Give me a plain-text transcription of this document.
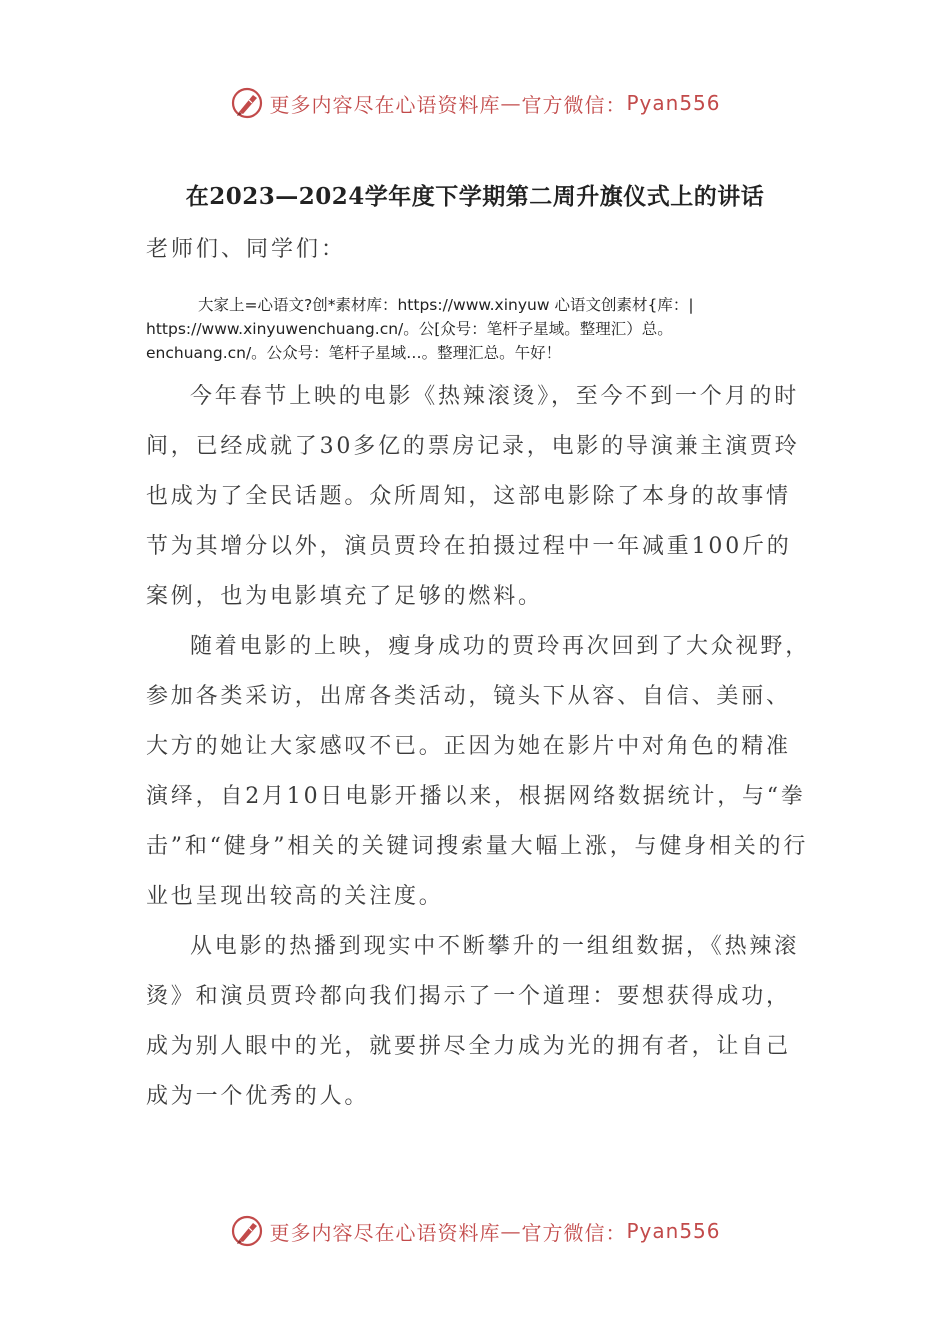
更多内容尽在心语资料库 — 官方微信 ： Pyan556
在2023—2024学年度下学期第二周升旗仪式上的讲话
老师们、同学们：

大家上=心语文?创*素材库：https://www.xinyuw 心语文创素材{库：|

https://www.xinyuwenchuang.cn/。公[众号：笔杆子星域。整理汇）总。

enchuang.cn/。公众号：笔杆子星域…。整理汇总。午好！

今年春节上映的电影《热辣滚烫》，至今不到一个月的时间，已经成就了30多亿的票房记录，电影的导演兼主演贾玲也成为了全民话题。众所周知，这部电影除了本身的故事情节为其增分以外，演员贾玲在拍摄过程中一年减重100斤的案例，也为电影填充了足够的燃料。

随着电影的上映，瘦身成功的贾玲再次回到了大众视野，参加各类采访，出席各类活动，镜头下从容、自信、美丽、大方的她让大家感叹不已。正因为她在影片中对角色的精准演绎，自2月10日电影开播以来，根据网络数据统计，与“拳击”和“健身”相关的关键词搜索量大幅上涨，与健身相关的行业也呈现出较高的关注度。

从电影的热播到现实中不断攀升的一组组数据，《热辣滚烫》和演员贾玲都向我们揭示了一个道理：要想获得成功，成为别人眼中的光，就要拼尽全力成为光的拥有者，让自己成为一个优秀的人。

更多内容尽在心语资料库 — 官方微信 ： Pyan556
